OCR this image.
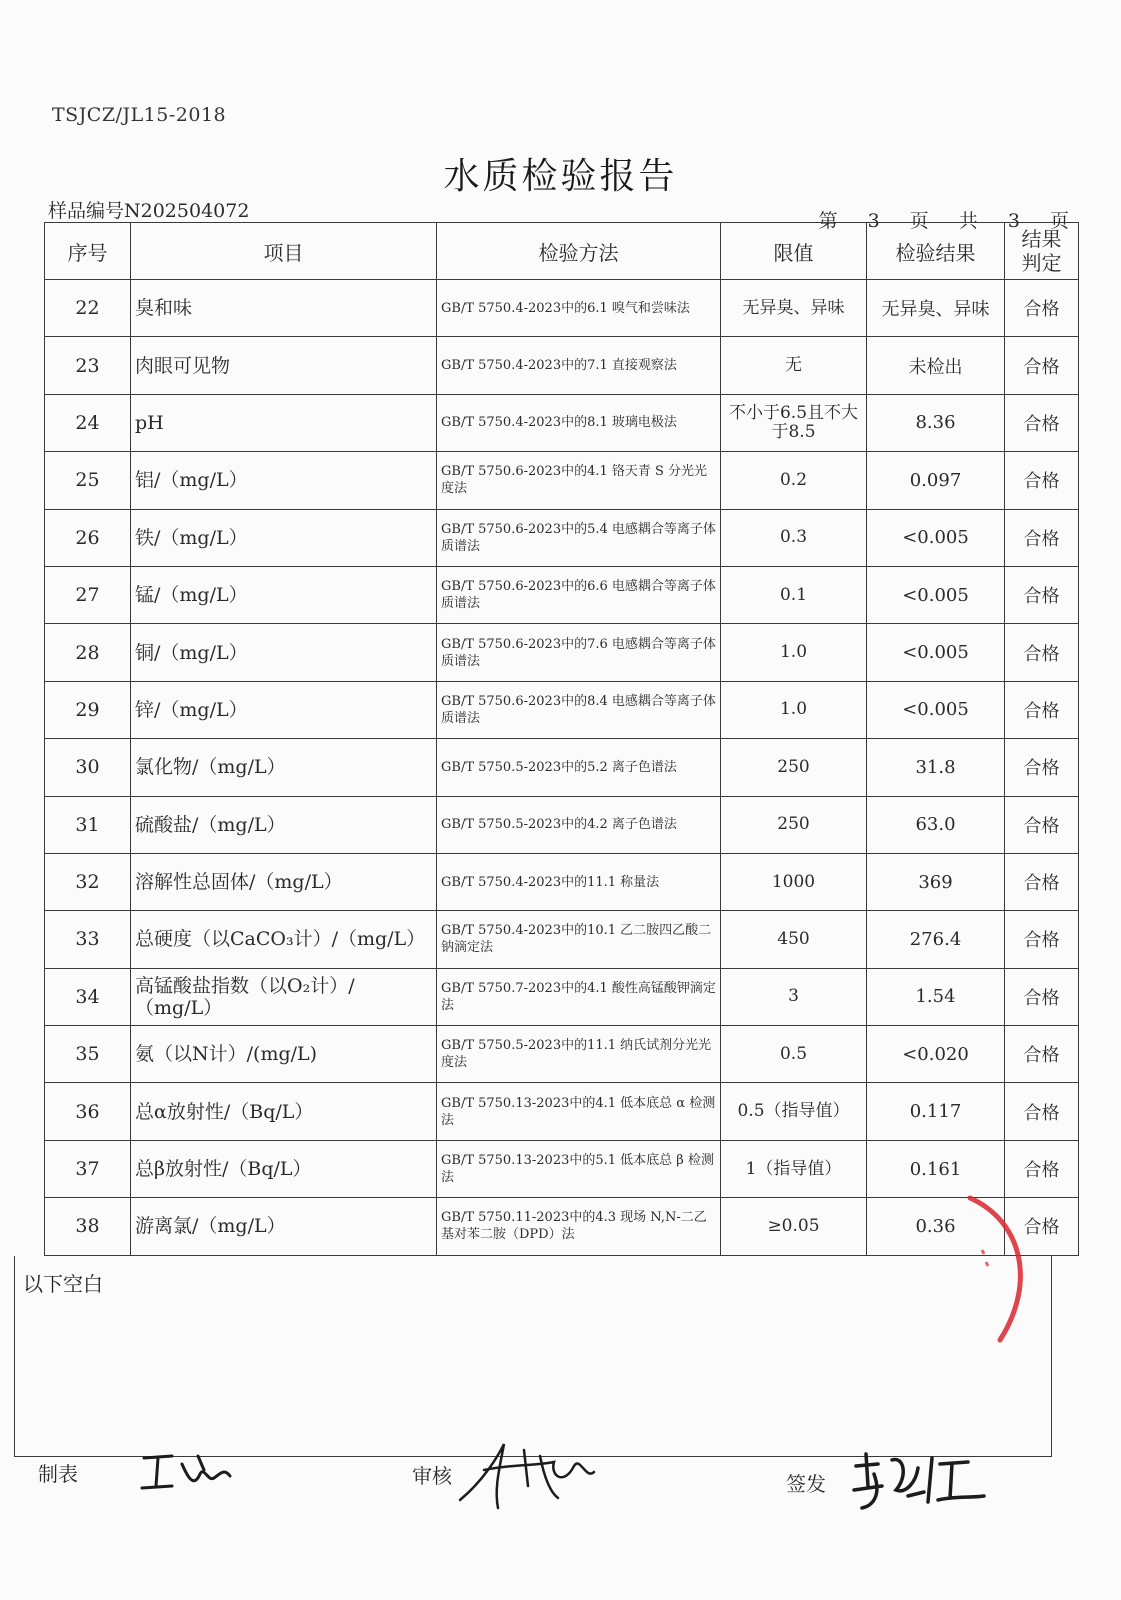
TSJCZ/JL15-2018
水质检验报告
样品编号N202504072	第 3 页 共 3 页
序号	项目	检验方法	限值	检验结果	结果
判定

22	臭和味	GB/T 5750.4-2023中的6.1 嗅气和尝味法	无异臭、异味	无异臭、异味	合格
23	肉眼可见物	GB/T 5750.4-2023中的7.1 直接观察法	无	未检出	合格
24	pH	GB/T 5750.4-2023中的8.1 玻璃电极法	不小于6.5且不大于8.5	8.36	合格
25	铝/（mg/L）	GB/T 5750.6-2023中的4.1 铬天青 S 分光光度法	0.2	0.097	合格
26	铁/（mg/L）	GB/T 5750.6-2023中的5.4 电感耦合等离子体质谱法	0.3	<0.005	合格
27	锰/（mg/L）	GB/T 5750.6-2023中的6.6 电感耦合等离子体质谱法	0.1	<0.005	合格
28	铜/（mg/L）	GB/T 5750.6-2023中的7.6 电感耦合等离子体质谱法	1.0	<0.005	合格
29	锌/（mg/L）	GB/T 5750.6-2023中的8.4 电感耦合等离子体质谱法	1.0	<0.005	合格
30	氯化物/（mg/L）	GB/T 5750.5-2023中的5.2 离子色谱法	250	31.8	合格
31	硫酸盐/（mg/L）	GB/T 5750.5-2023中的4.2 离子色谱法	250	63.0	合格
32	溶解性总固体/（mg/L）	GB/T 5750.4-2023中的11.1 称量法	1000	369	合格
33	总硬度（以CaCO₃计）/（mg/L）	GB/T 5750.4-2023中的10.1 乙二胺四乙酸二钠滴定法	450	276.4	合格
34	高锰酸盐指数（以O₂计）/（mg/L）	GB/T 5750.7-2023中的4.1 酸性高锰酸钾滴定法	3	1.54	合格
35	氨（以N计）/(mg/L)	GB/T 5750.5-2023中的11.1 纳氏试剂分光光度法	0.5	<0.020	合格
36	总α放射性/（Bq/L）	GB/T 5750.13-2023中的4.1 低本底总 α 检测法	0.5（指导值）	0.117	合格
37	总β放射性/（Bq/L）	GB/T 5750.13-2023中的5.1 低本底总 β 检测法	1（指导值）	0.161	合格
38	游离氯/（mg/L）	GB/T 5750.11-2023中的4.3 现场 N,N-二乙基对苯二胺（DPD）法	≥0.05	0.36	合格
以下空白
制表	审核	签发
